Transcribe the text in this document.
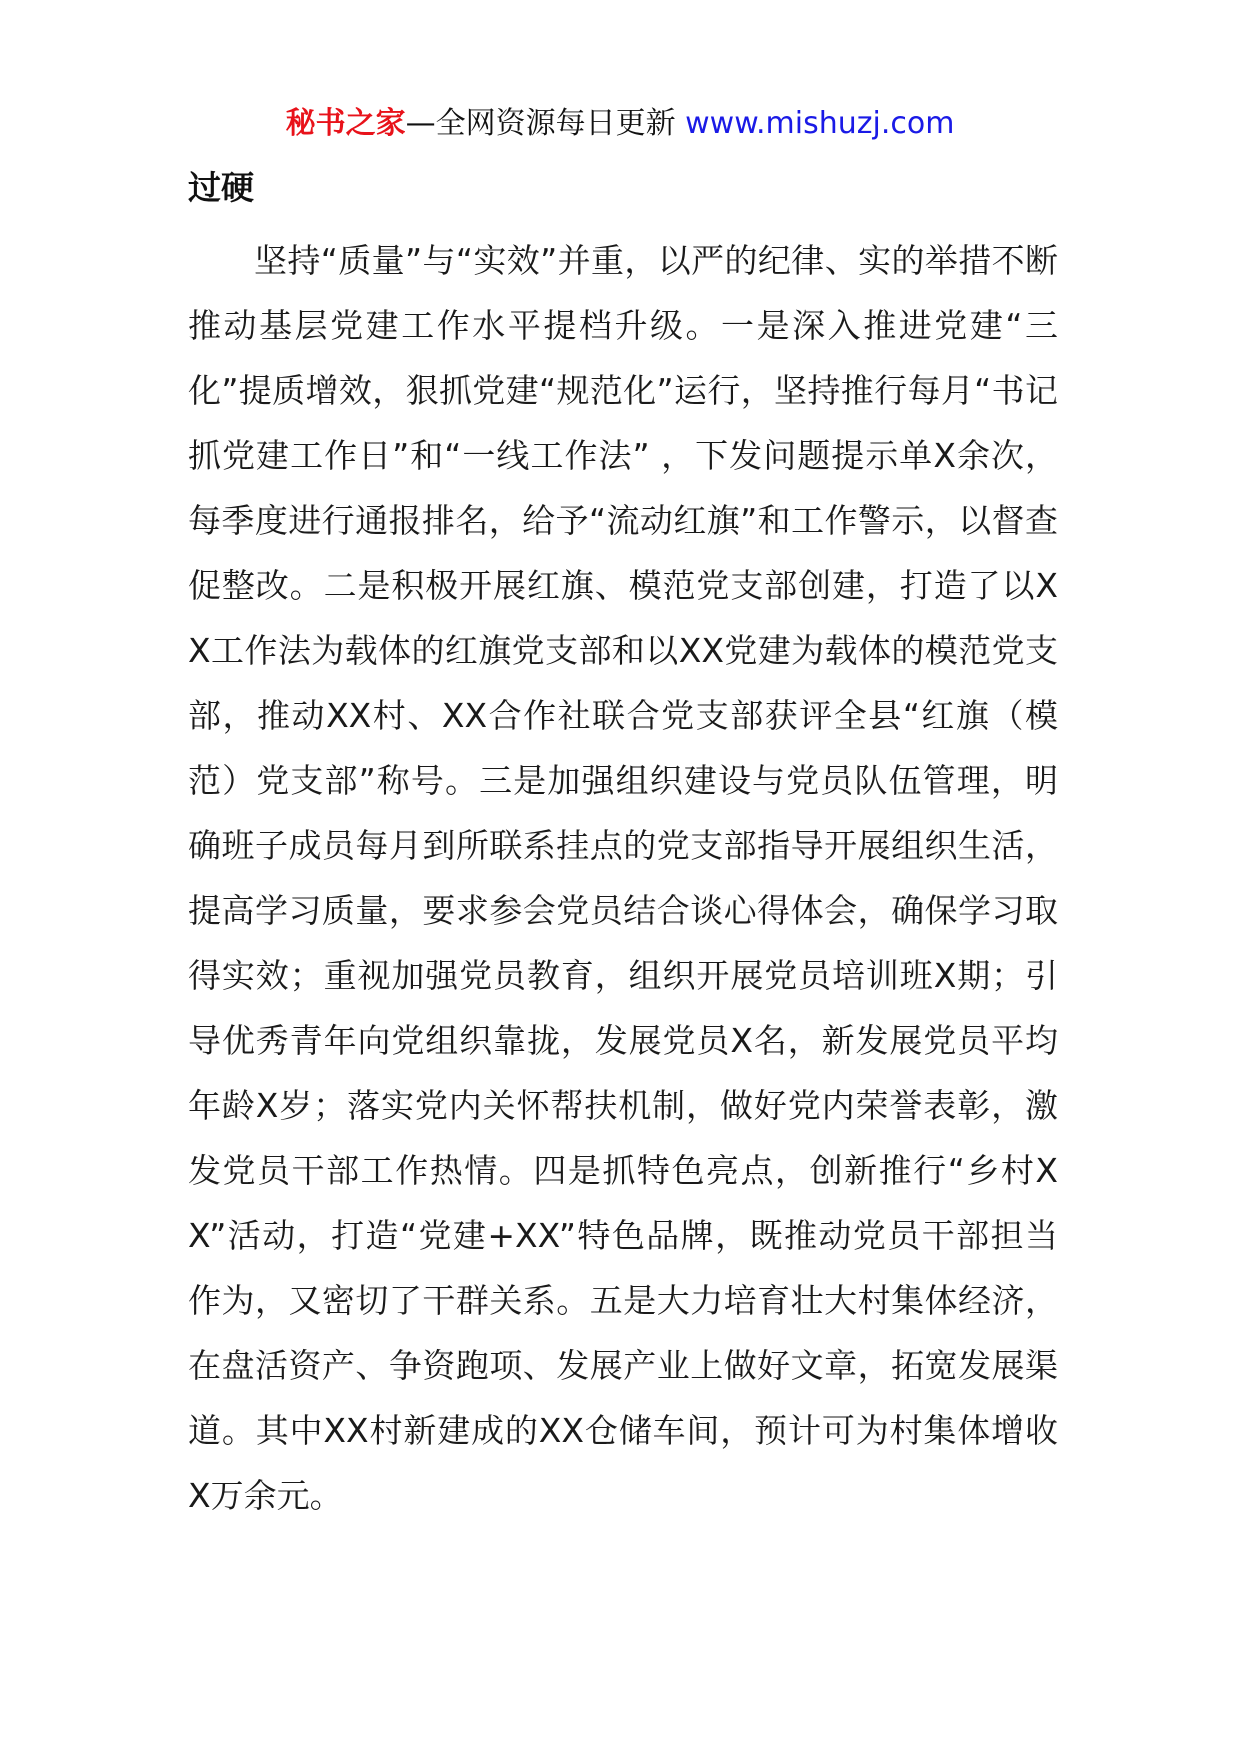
秘书之家—全网资源每日更新 www.mishuzj.com
过硬

坚持“质量”与“实效”并重，以严的纪律、实的举措不断推动基层党建工作水平提档升级。一是深入推进党建“三化”提质增效，狠抓党建“规范化”运行，坚持推行每月“书记抓党建工作日”和“一线工作法” ，下发问题提示单X余次，每季度进行通报排名，给予“流动红旗”和工作警示，以督查促整改。二是积极开展红旗、模范党支部创建，打造了以XX工作法为载体的红旗党支部和以XX党建为载体的模范党支部，推动XX村、XX合作社联合党支部获评全县“红旗（模范）党支部”称号。三是加强组织建设与党员队伍管理，明确班子成员每月到所联系挂点的党支部指导开展组织生活，提高学习质量，要求参会党员结合谈心得体会，确保学习取得实效；重视加强党员教育，组织开展党员培训班X期；引导优秀青年向党组织靠拢，发展党员X名，新发展党员平均年龄X岁；落实党内关怀帮扶机制，做好党内荣誉表彰，激发党员干部工作热情。四是抓特色亮点，创新推行“乡村XX”活动，打造“党建+XX”特色品牌，既推动党员干部担当作为，又密切了干群关系。五是大力培育壮大村集体经济，在盘活资产、争资跑项、发展产业上做好文章，拓宽发展渠道。其中XX村新建成的XX仓储车间，预计可为村集体增收X万余元。
